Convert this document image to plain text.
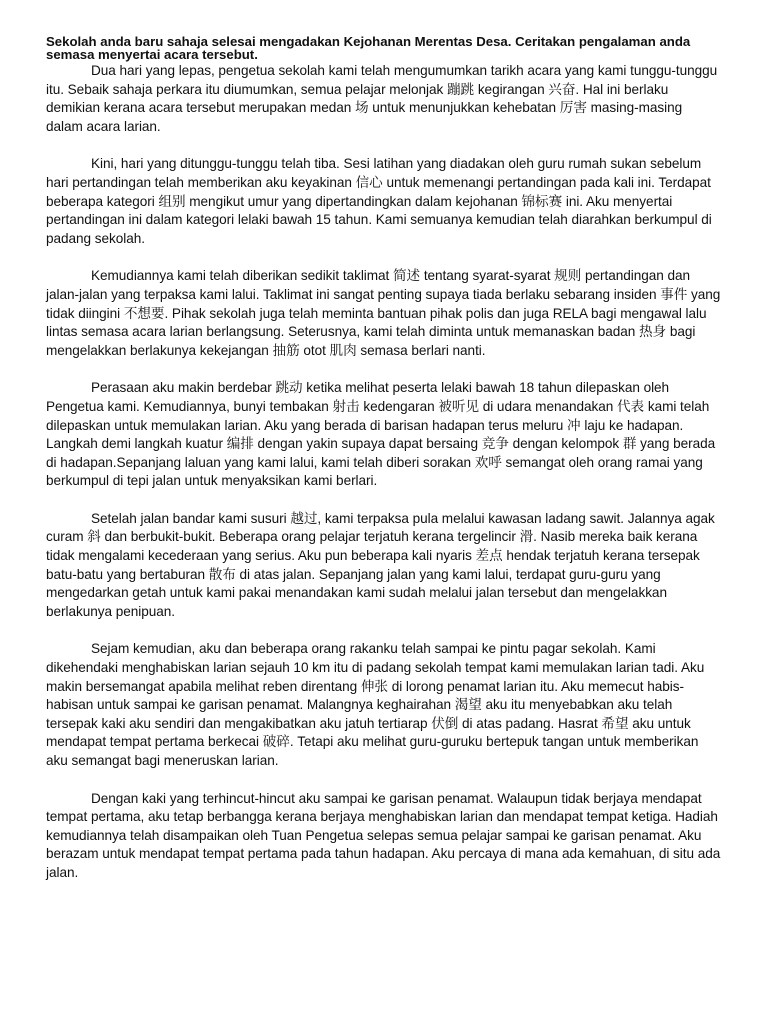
Sekolah anda baru sahaja selesai mengadakan Kejohanan Merentas Desa. Ceritakan pengalaman anda semasa menyertai acara tersebut.

Dua hari yang lepas, pengetua sekolah kami telah mengumumkan tarikh acara yang kami tunggu-tunggu itu. Sebaik sahaja perkara itu diumumkan, semua pelajar melonjak 蹦跳 kegirangan 兴奋. Hal ini berlaku demikian kerana acara tersebut merupakan medan 场 untuk menunjukkan kehebatan 厉害 masing-masing dalam acara larian.

Kini, hari yang ditunggu-tunggu telah tiba. Sesi latihan yang diadakan oleh guru rumah sukan sebelum hari pertandingan telah memberikan aku keyakinan 信心 untuk memenangi pertandingan pada kali ini. Terdapat beberapa kategori 组别 mengikut umur yang dipertandingkan dalam kejohanan 锦标赛 ini. Aku menyertai pertandingan ini dalam kategori lelaki bawah 15 tahun. Kami semuanya kemudian telah diarahkan berkumpul di padang sekolah.

Kemudiannya kami telah diberikan sedikit taklimat 简述 tentang syarat-syarat 规则 pertandingan dan jalan-jalan yang terpaksa kami lalui. Taklimat ini sangat penting supaya tiada berlaku sebarang insiden 事件 yang tidak diingini 不想要. Pihak sekolah juga telah meminta bantuan pihak polis dan juga RELA bagi mengawal lalu lintas semasa acara larian berlangsung. Seterusnya, kami telah diminta untuk memanaskan badan 热身 bagi mengelakkan berlakunya kekejangan 抽筋 otot 肌肉 semasa berlari nanti.

Perasaan aku makin berdebar 跳动 ketika melihat peserta lelaki bawah 18 tahun dilepaskan oleh Pengetua kami. Kemudiannya, bunyi tembakan 射击 kedengaran 被听见 di udara menandakan 代表 kami telah dilepaskan untuk memulakan larian. Aku yang berada di barisan hadapan terus meluru 冲 laju ke hadapan. Langkah demi langkah kuatur 编排 dengan yakin supaya dapat bersaing 竞争 dengan kelompok 群 yang berada di hadapan.Sepanjang laluan yang kami lalui, kami telah diberi sorakan 欢呼 semangat oleh orang ramai yang berkumpul di tepi jalan untuk menyaksikan kami berlari.

Setelah jalan bandar kami susuri 越过, kami terpaksa pula melalui kawasan ladang sawit. Jalannya agak curam 斜 dan berbukit-bukit. Beberapa orang pelajar terjatuh kerana tergelincir 滑. Nasib mereka baik kerana tidak mengalami kecederaan yang serius. Aku pun beberapa kali nyaris 差点 hendak terjatuh kerana tersepak batu-batu yang bertaburan 散布 di atas jalan. Sepanjang jalan yang kami lalui, terdapat guru-guru yang mengedarkan getah untuk kami pakai menandakan kami sudah melalui jalan tersebut dan mengelakkan berlakunya penipuan.

Sejam kemudian, aku dan beberapa orang rakanku telah sampai ke pintu pagar sekolah. Kami dikehendaki menghabiskan larian sejauh 10 km itu di padang sekolah tempat kami memulakan larian tadi. Aku makin bersemangat apabila melihat reben direntang 伸张 di lorong penamat larian itu. Aku memecut habis-habisan untuk sampai ke garisan penamat. Malangnya keghairahan 渴望 aku itu menyebabkan aku telah tersepak kaki aku sendiri dan mengakibatkan aku jatuh tertiarap 伏倒 di atas padang. Hasrat 希望 aku untuk mendapat tempat pertama berkecai 破碎. Tetapi aku melihat guru-guruku bertepuk tangan untuk memberikan aku semangat bagi meneruskan larian.

Dengan kaki yang terhincut-hincut aku sampai ke garisan penamat. Walaupun tidak berjaya mendapat tempat pertama, aku tetap berbangga kerana berjaya menghabiskan larian dan mendapat tempat ketiga. Hadiah kemudiannya telah disampaikan oleh Tuan Pengetua selepas semua pelajar sampai ke garisan penamat. Aku berazam untuk mendapat tempat pertama pada tahun hadapan. Aku percaya di mana ada kemahuan, di situ ada jalan.
